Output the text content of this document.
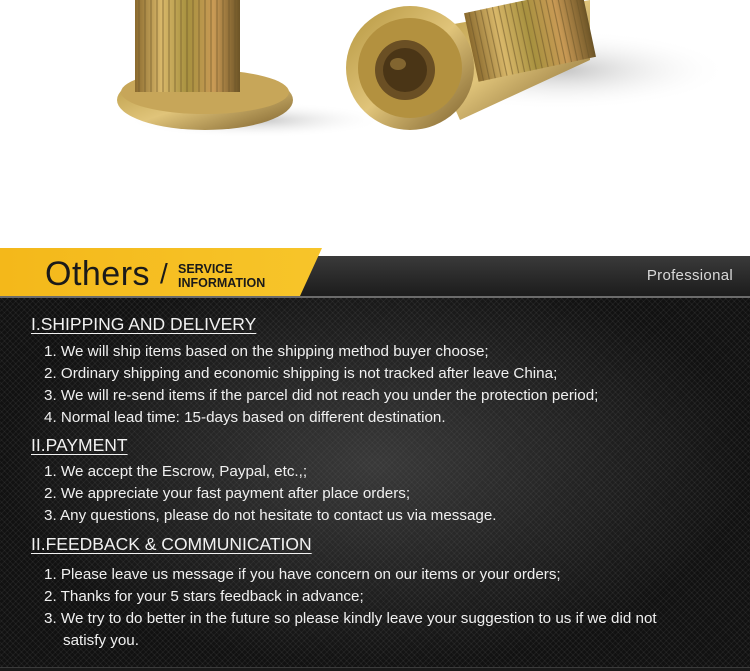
Others / SERVICE
INFORMATION	Professional
I.SHIPPING AND DELIVERY
1. We will ship items based on the shipping method buyer choose;
2. Ordinary shipping and economic shipping is not tracked after leave China;
3. We will re-send items if the parcel did not reach you under the protection period;
4. Normal lead time: 15-days based on different destination.
II.PAYMENT
1. We accept the Escrow, Paypal, etc.,;
2. We appreciate your fast payment after place orders;
3. Any questions, please do not hesitate to contact us via message.
II.FEEDBACK & COMMUNICATION
1. Please leave us message if you have concern on our items or your orders;
2. Thanks for your 5 stars feedback in advance;
3. We try to do better in the future so please kindly leave your suggestion to us if we did not
satisfy you.
